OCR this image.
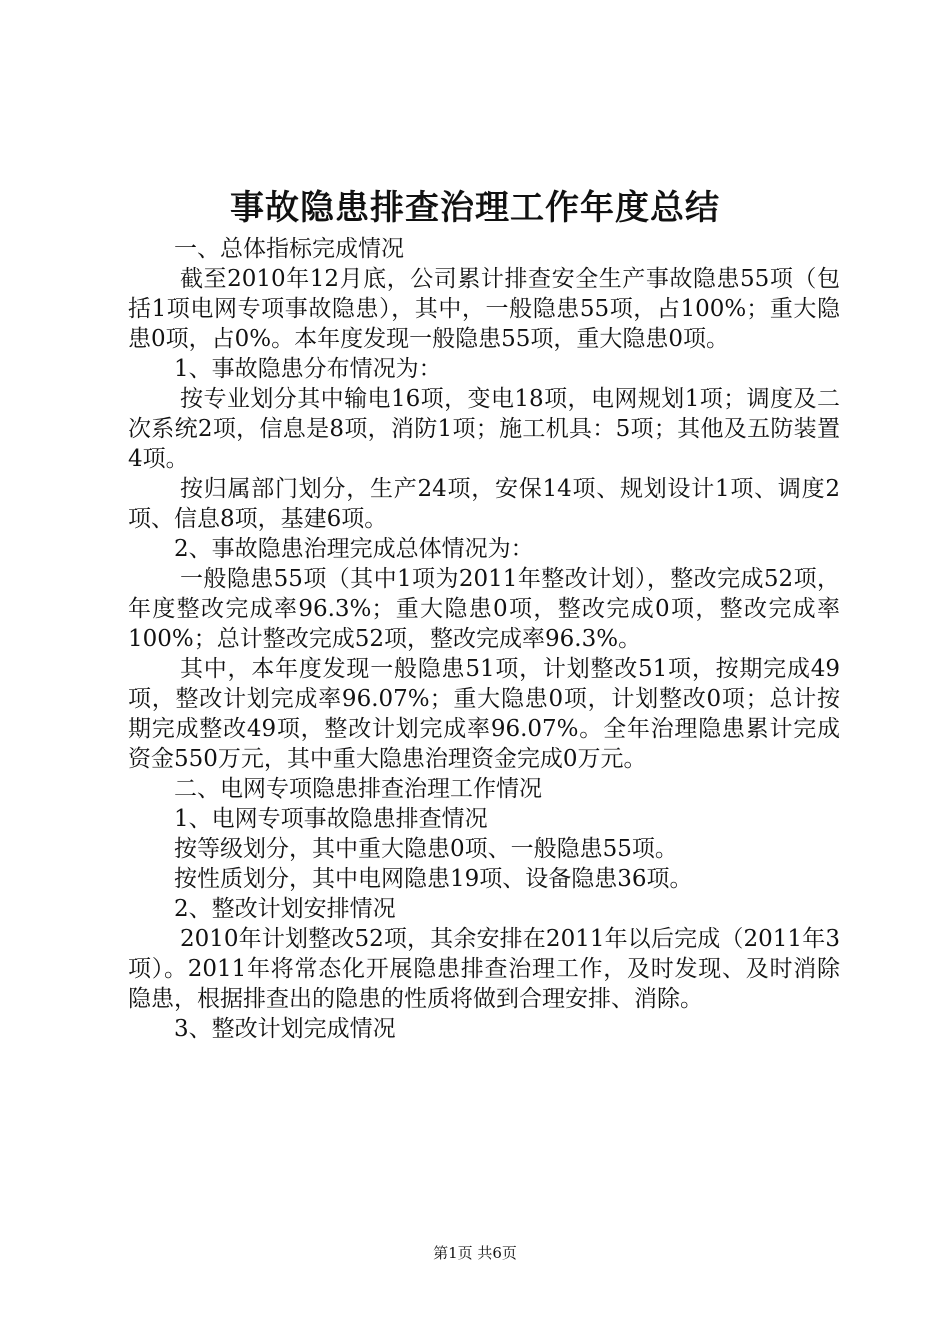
事故隐患排查治理工作年度总结

一、总体指标完成情况

截至2010年12月底，公司累计排查安全生产事故隐患55项（包括1项电网专项事故隐患），其中，一般隐患55项，占100%；重大隐患0项，占0%。本年度发现一般隐患55项，重大隐患0项。

1、事故隐患分布情况为：

按专业划分其中输电16项，变电18项，电网规划1项；调度及二次系统2项，信息是8项，消防1项；施工机具：5项；其他及五防装置4项。

按归属部门划分，生产24项，安保14项、规划设计1项、调度2项、信息8项，基建6项。

2、事故隐患治理完成总体情况为：

一般隐患55项（其中1项为2011年整改计划），整改完成52项，年度整改完成率96.3%；重大隐患0项，整改完成0项，整改完成率100%；总计整改完成52项，整改完成率96.3%。

其中，本年度发现一般隐患51项，计划整改51项，按期完成49项，整改计划完成率96.07%；重大隐患0项，计划整改0项；总计按期完成整改49项，整改计划完成率96.07%。全年治理隐患累计完成资金550万元，其中重大隐患治理资金完成0万元。

二、电网专项隐患排查治理工作情况

1、电网专项事故隐患排查情况

按等级划分，其中重大隐患0项、一般隐患55项。

按性质划分，其中电网隐患19项、设备隐患36项。

2、整改计划安排情况

2010年计划整改52项，其余安排在2011年以后完成（2011年3项）。2011年将常态化开展隐患排查治理工作，及时发现、及时消除隐患，根据排查出的隐患的性质将做到合理安排、消除。

3、整改计划完成情况

第1页 共6页
